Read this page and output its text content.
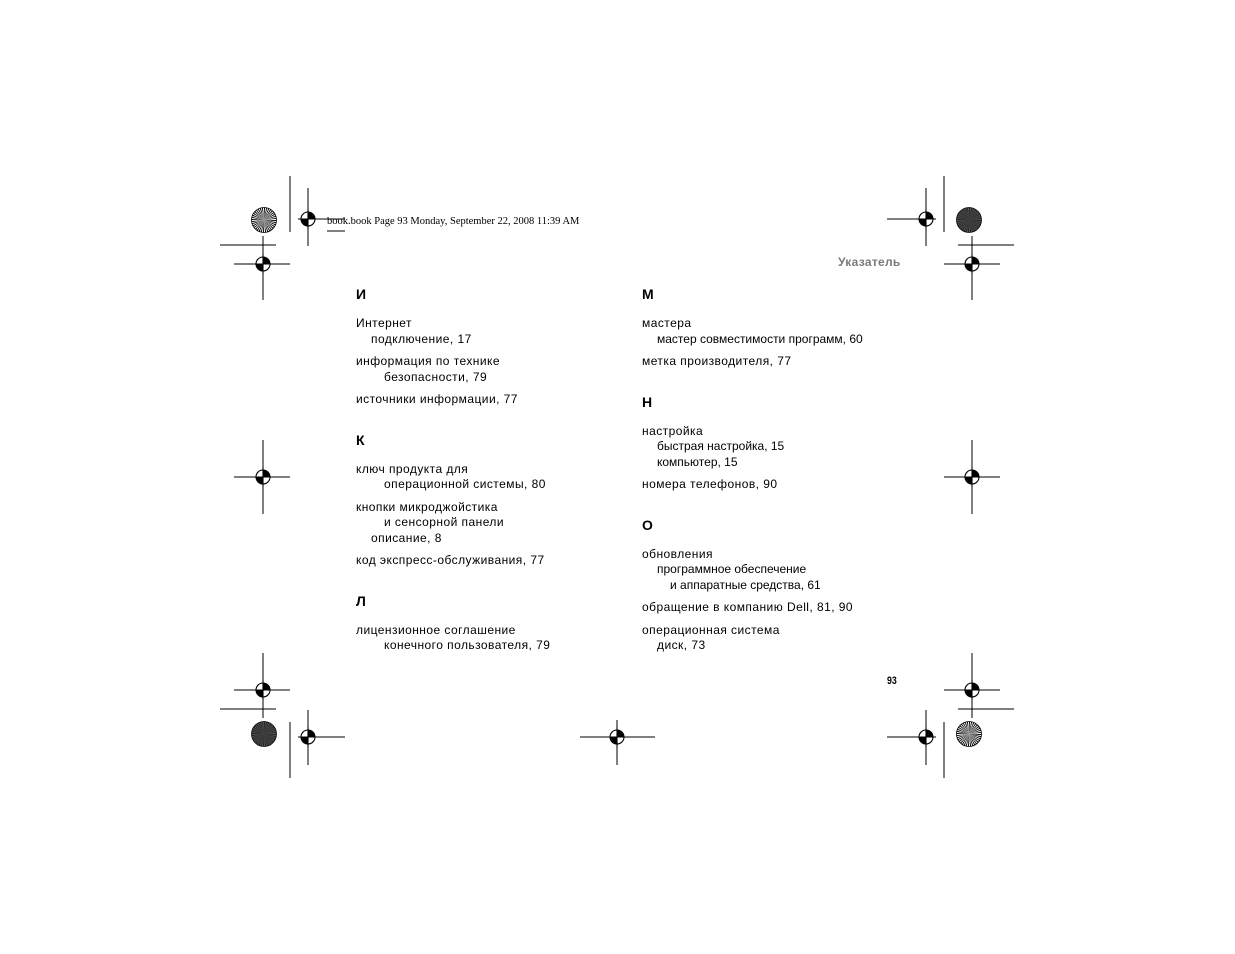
book.book Page 93 Monday, September 22, 2008 11:39 AM
Указатель
93
И
Интернет
подключение, 17
информация по технике
безопасности, 79
источники информации, 77
К
ключ продукта для
операционной системы, 80
кнопки микроджойстика
и сенсорной панели
описание, 8
код экспресс-обслуживания, 77
Л
лицензионное соглашение
конечного пользователя, 79
М
мастера
мастер совместимости программ, 60
метка производителя, 77
Н
настройка
быстрая настройка, 15
компьютер, 15
номера телефонов, 90
О
обновления
программное обеспечение
и аппаратные средства, 61
обращение в компанию Dell, 81, 90
операционная система
диск, 73
